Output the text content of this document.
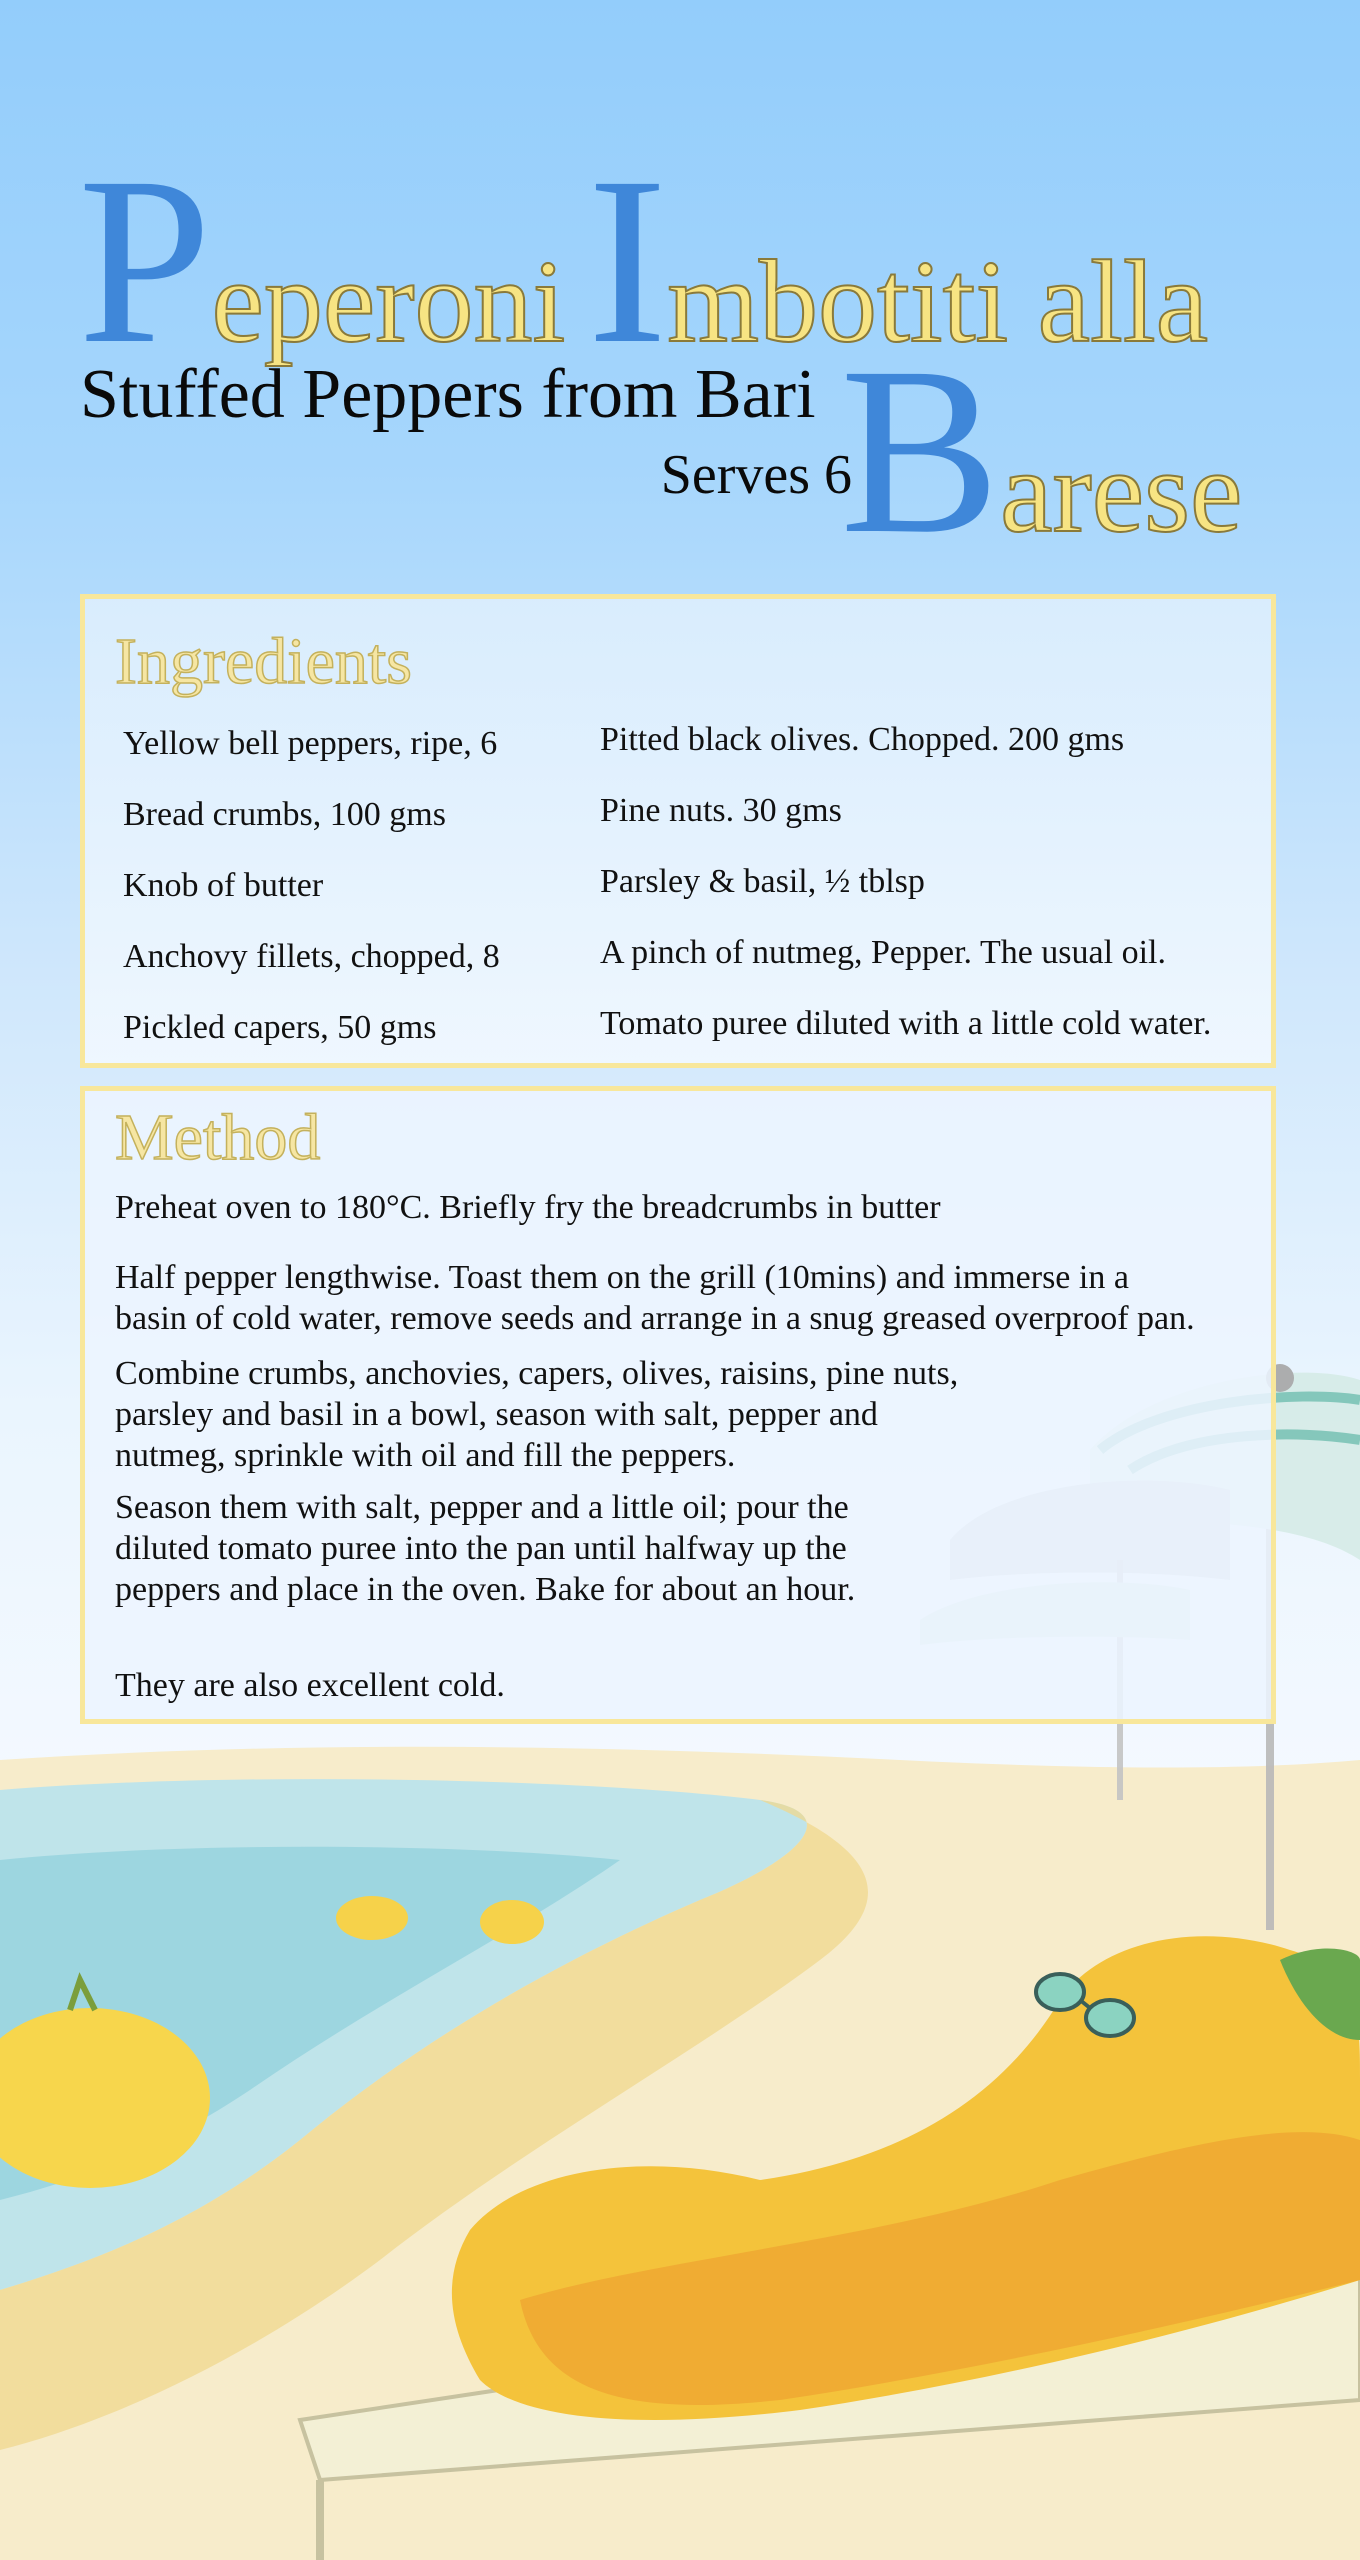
PeperoniImbotiti alla
Barese
Stuffed Peppers from Bari
Serves 6
Ingredients
Yellow bell peppers, ripe, 6
Bread crumbs, 100 gms
Knob of butter
Anchovy fillets, chopped, 8
Pickled capers, 50 gms
Pitted black olives. Chopped. 200 gms
Pine nuts. 30 gms
Parsley & basil, ½ tblsp
A pinch of nutmeg, Pepper. The usual oil.
Tomato puree diluted with a little cold water.
Method
Preheat oven to 180°C. Briefly fry the breadcrumbs in butter
Half pepper lengthwise. Toast them on the grill (10mins) and immerse in a
basin of cold water, remove seeds and arrange in a snug greased overproof pan.
Combine crumbs, anchovies, capers, olives, raisins, pine nuts,
parsley and basil in a bowl, season with salt, pepper and
nutmeg, sprinkle with oil and fill the peppers.
Season them with salt, pepper and a little oil; pour the
diluted tomato puree into the pan until halfway up the
peppers and place in the oven. Bake for about an hour.
They are also excellent cold.
